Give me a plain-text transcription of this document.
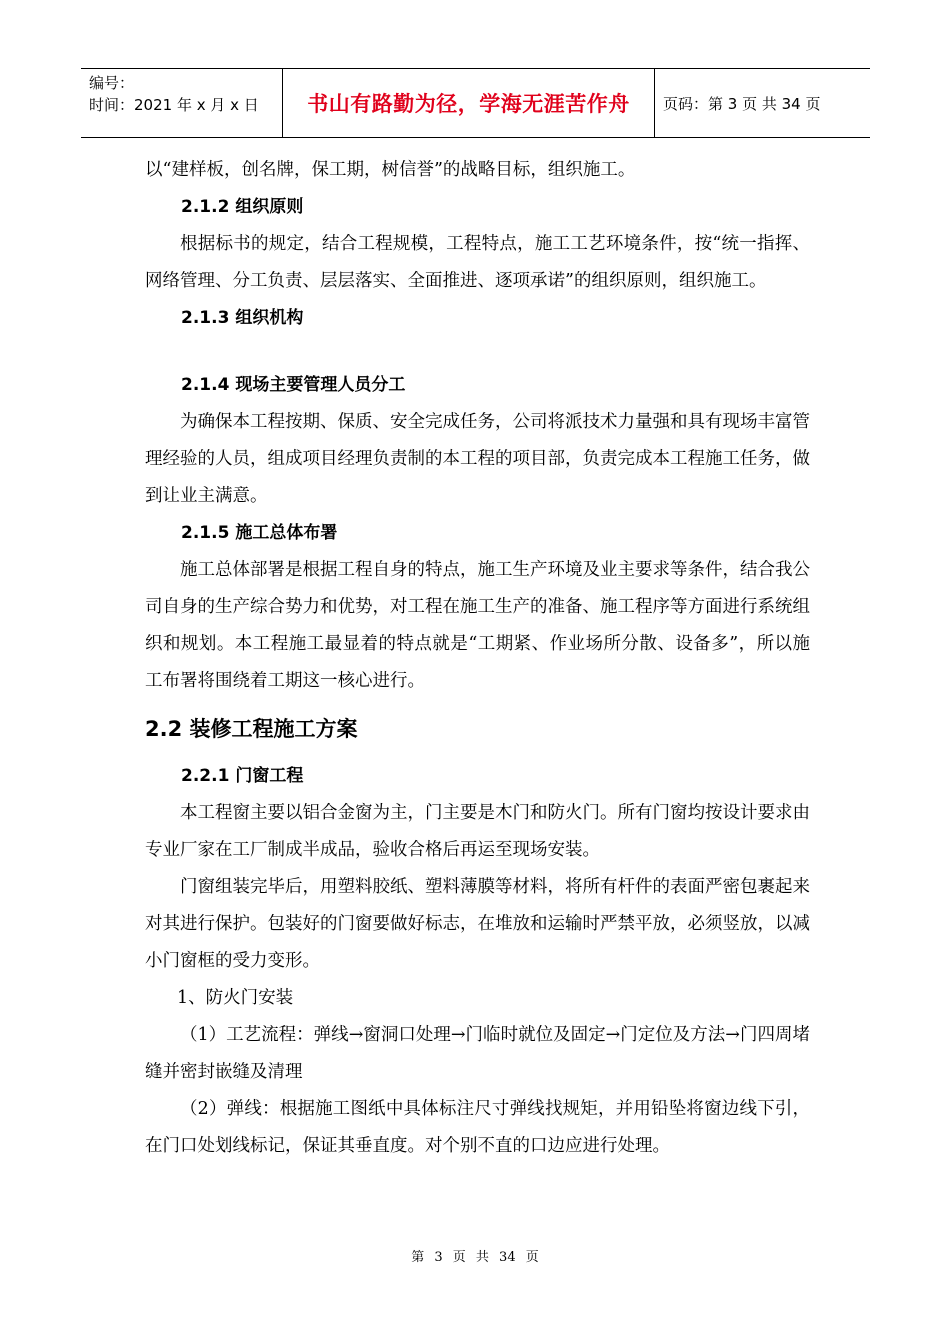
编号：
时间：2021 年 x 月 x 日	书山有路勤为径，学海无涯苦作舟	页码：第 3 页 共 34 页
以“建样板，创名牌，保工期，树信誉”的战略目标，组织施工。
2.1.2 组织原则

根据标书的规定，结合工程规模，工程特点，施工工艺环境条件，按“统一指挥、网络管理、分工负责、层层落实、全面推进、逐项承诺”的组织原则，组织施工。

2.1.3 组织机构
2.1.4 现场主要管理人员分工

为确保本工程按期、保质、安全完成任务，公司将派技术力量强和具有现场丰富管理经验的人员，组成项目经理负责制的本工程的项目部，负责完成本工程施工任务，做到让业主满意。

2.1.5 施工总体布署

施工总体部署是根据工程自身的特点，施工生产环境及业主要求等条件，结合我公司自身的生产综合势力和优势，对工程在施工生产的准备、施工程序等方面进行系统组织和规划。本工程施工最显着的特点就是“工期紧、作业场所分散、设备多”，所以施工布署将围绕着工期这一核心进行。

2.2 装修工程施工方案
2.2.1 门窗工程

本工程窗主要以铝合金窗为主，门主要是木门和防火门。所有门窗均按设计要求由专业厂家在工厂制成半成品，验收合格后再运至现场安装。

门窗组装完毕后，用塑料胶纸、塑料薄膜等材料，将所有杆件的表面严密包裹起来对其进行保护。包装好的门窗要做好标志，在堆放和运输时严禁平放，必须竖放，以减小门窗框的受力变形。

1、防火门安装

（1）工艺流程：弹线→窗洞口处理→门临时就位及固定→门定位及方法→门四周堵缝并密封嵌缝及清理

（2）弹线：根据施工图纸中具体标注尺寸弹线找规矩，并用铅坠将窗边线下引，在门口处划线标记，保证其垂直度。对个别不直的口边应进行处理。

第 3 页 共 34 页
